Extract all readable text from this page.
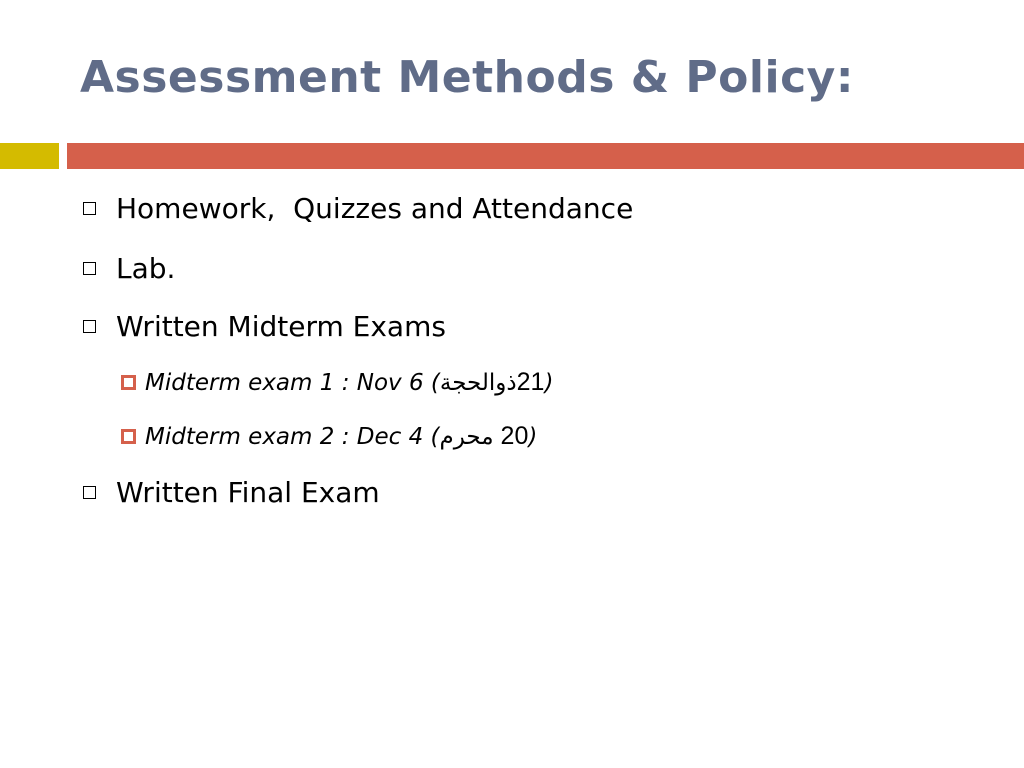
Assessment Methods & Policy:
Homework,  Quizzes and Attendance
Lab.
Written Midterm Exams
Midterm exam 1 : Nov 6 ( ذوالحجة 21 )
Midterm exam 2 : Dec 4 ( محرم 20 )
Written Final Exam
